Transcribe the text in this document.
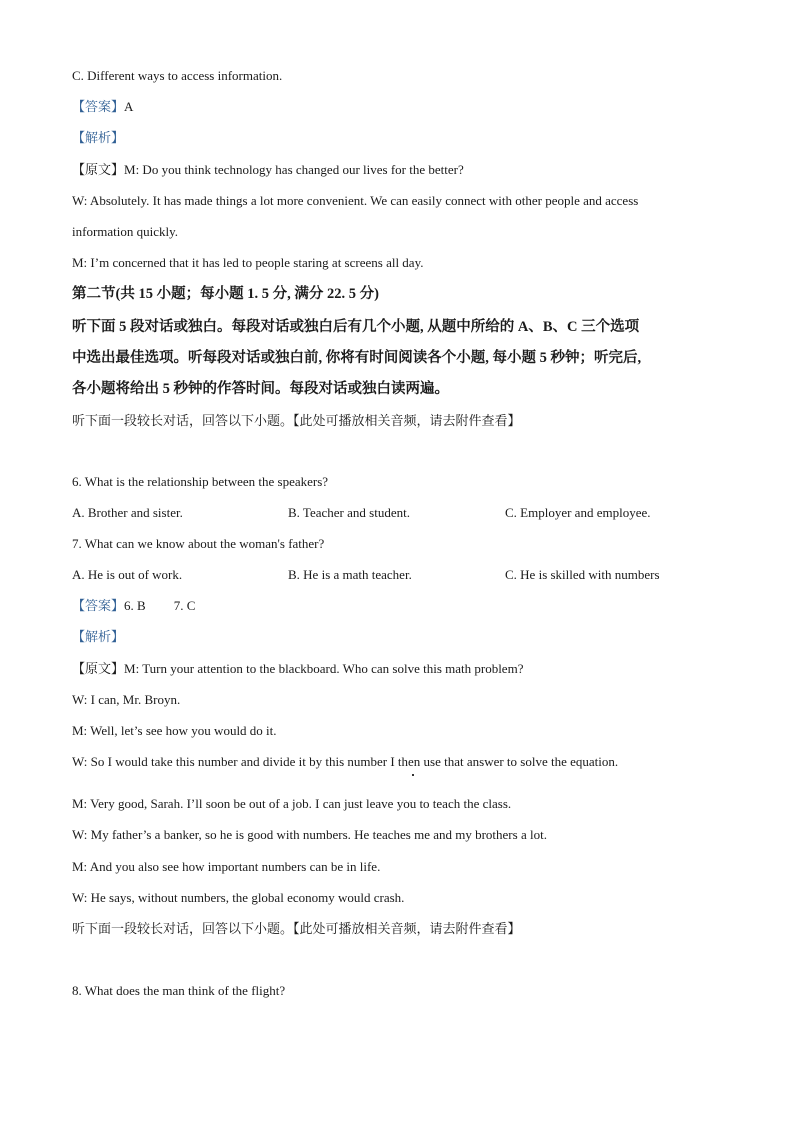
C. Different ways to access information.
【答案】A
【解析】
【原文】M: Do you think technology has changed our lives for the better?
W: Absolutely. It has made things a lot more convenient. We can easily connect with other people and access
information quickly.
M: I’m concerned that it has led to people staring at screens all day.
第二节(共 15 小题；每小题 1. 5 分, 满分 22. 5 分)
听下面 5 段对话或独白。每段对话或独白后有几个小题, 从题中所给的 A、B、C 三个选项
中选出最佳选项。听每段对话或独白前, 你将有时间阅读各个小题, 每小题 5 秒钟；听完后,
各小题将给出 5 秒钟的作答时间。每段对话或独白读两遍。
听下面一段较长对话，回答以下小题。【此处可播放相关音频，请去附件查看】
6. What is the relationship between the speakers?
A. Brother and sister.	B. Teacher and student.	C. Employer and employee.
7. What can we know about the woman's father?
A. He is out of work.	B. He is a math teacher.	C. He is skilled with numbers
【答案】6. B 7. C
【解析】
【原文】M: Turn your attention to the blackboard. Who can solve this math problem?
W: I can, Mr. Broyn.
M: Well, let’s see how you would do it.
W: So I would take this number and divide it by this number I then use that answer to solve the equation.
M: Very good, Sarah. I’ll soon be out of a job. I can just leave you to teach the class.
W: My father’s a banker, so he is good with numbers. He teaches me and my brothers a lot.
M: And you also see how important numbers can be in life.
W: He says, without numbers, the global economy would crash.
听下面一段较长对话，回答以下小题。【此处可播放相关音频，请去附件查看】
8. What does the man think of the flight?
